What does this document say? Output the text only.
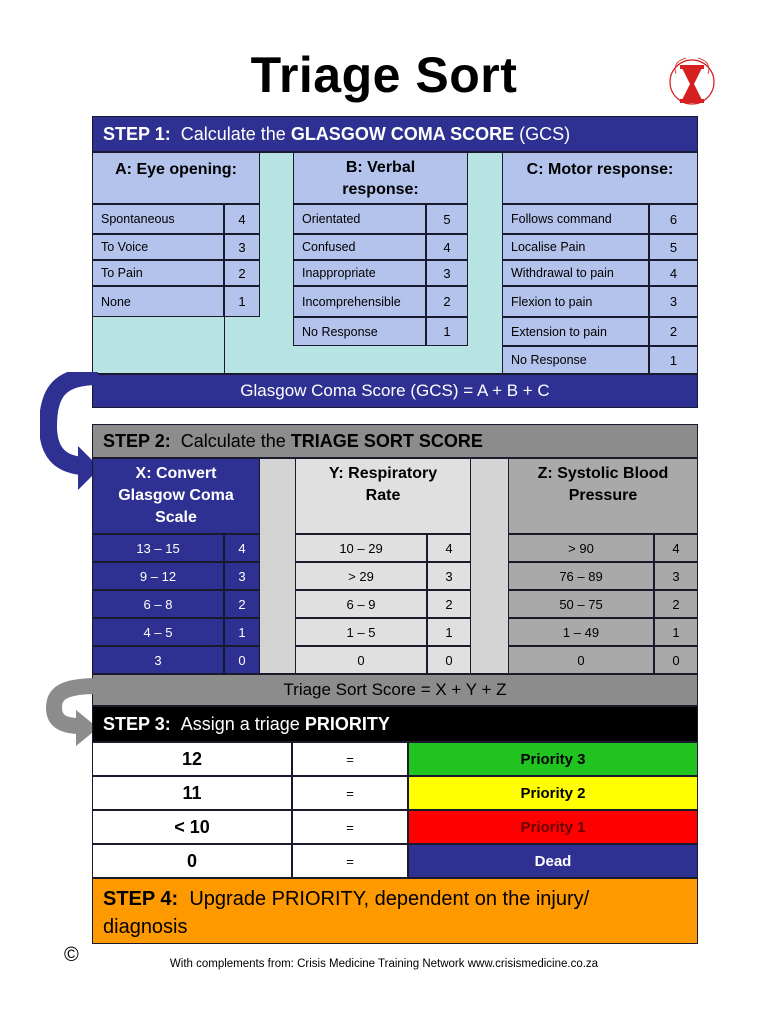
Triage Sort
STEP 1:
Calculate the
GLASGOW COMA SCORE
(GCS)
A: Eye opening:
Spontaneous	4
To Voice	3
To Pain	2
None	1
B: Verbal
response:
Orientated	5
Confused	4
Inappropriate	3
Incomprehensible	2
No Response	1
C: Motor response:
Follows command	6
Localise Pain	5
Withdrawal to pain	4
Flexion to pain	3
Extension to pain	2
No Response	1
Glasgow Coma Score (GCS) = A + B + C
STEP 2:
Calculate the
TRIAGE SORT SCORE
X: Convert
Glasgow Coma
Scale
13 – 15	4
9 – 12	3
6 – 8	2
4 – 5	1
3	0
Y: Respiratory
Rate
10 – 29	4
> 29	3
6 – 9	2
1 – 5	1
0	0
Z: Systolic Blood
Pressure
> 90	4
76 – 89	3
50 – 75	2
1 – 49	1
0	0
Triage Sort Score = X + Y + Z
STEP 3:
Assign a triage
PRIORITY
12	=	Priority 3
11	=	Priority 2
< 10	=	Priority 1
0	=	Dead
STEP 4: Upgrade PRIORITY, dependent on the injury/
diagnosis
©	With complements from: Crisis Medicine Training Network www.crisismedicine.co.za
